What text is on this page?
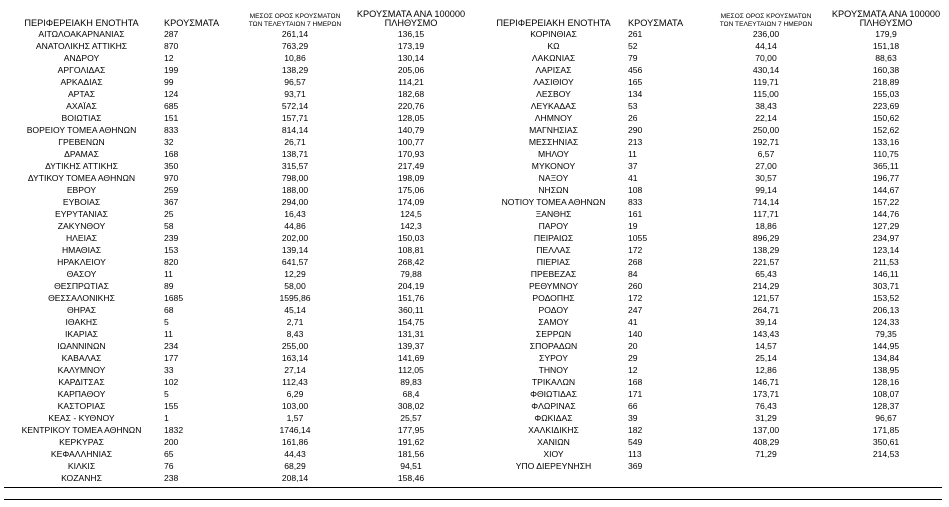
ΠΕΡΙΦΕΡΕΙΑΚΗ ΕΝΟΤΗΤΑ	ΚΡΟΥΣΜΑΤΑ	ΜΕΣΟΣ ΟΡΟΣ ΚΡΟΥΣΜΑΤΩΝ
ΤΩΝ ΤΕΛΕΥΤΑΙΩΝ 7 ΗΜΕΡΩΝ	ΚΡΟΥΣΜΑΤΑ ΑΝΑ 100000
ΠΛΗΘΥΣΜΟ
ΑΙΤΩΛΟΑΚΑΡΝΑΝΙΑΣ	287	261,14	136,15
ΑΝΑΤΟΛΙΚΗΣ ΑΤΤΙΚΗΣ	870	763,29	173,19
ΑΝΔΡΟΥ	12	10,86	130,14
ΑΡΓΟΛΙΔΑΣ	199	138,29	205,06
ΑΡΚΑΔΙΑΣ	99	96,57	114,21
ΑΡΤΑΣ	124	93,71	182,68
ΑΧΑΪΑΣ	685	572,14	220,76
ΒΟΙΩΤΙΑΣ	151	157,71	128,05
ΒΟΡΕΙΟΥ ΤΟΜΕΑ ΑΘΗΝΩΝ	833	814,14	140,79
ΓΡΕΒΕΝΩΝ	32	26,71	100,77
ΔΡΑΜΑΣ	168	138,71	170,93
ΔΥΤΙΚΗΣ ΑΤΤΙΚΗΣ	350	315,57	217,49
ΔΥΤΙΚΟΥ ΤΟΜΕΑ ΑΘΗΝΩΝ	970	798,00	198,09
ΕΒΡΟΥ	259	188,00	175,06
ΕΥΒΟΙΑΣ	367	294,00	174,09
ΕΥΡΥΤΑΝΙΑΣ	25	16,43	124,5
ΖΑΚΥΝΘΟΥ	58	44,86	142,3
ΗΛΕΙΑΣ	239	202,00	150,03
ΗΜΑΘΙΑΣ	153	139,14	108,81
ΗΡΑΚΛΕΙΟΥ	820	641,57	268,42
ΘΑΣΟΥ	11	12,29	79,88
ΘΕΣΠΡΩΤΙΑΣ	89	58,00	204,19
ΘΕΣΣΑΛΟΝΙΚΗΣ	1685	1595,86	151,76
ΘΗΡΑΣ	68	45,14	360,11
ΙΘΑΚΗΣ	5	2,71	154,75
ΙΚΑΡΙΑΣ	11	8,43	131,31
ΙΩΑΝΝΙΝΩΝ	234	255,00	139,37
ΚΑΒΑΛΑΣ	177	163,14	141,69
ΚΑΛΥΜΝΟΥ	33	27,14	112,05
ΚΑΡΔΙΤΣΑΣ	102	112,43	89,83
ΚΑΡΠΑΘΟΥ	5	6,29	68,4
ΚΑΣΤΟΡΙΑΣ	155	103,00	308,02
ΚΕΑΣ - ΚΥΘΝΟΥ	1	1,57	25,57
ΚΕΝΤΡΙΚΟΥ ΤΟΜΕΑ ΑΘΗΝΩΝ	1832	1746,14	177,95
ΚΕΡΚΥΡΑΣ	200	161,86	191,62
ΚΕΦΑΛΛΗΝΙΑΣ	65	44,43	181,56
ΚΙΛΚΙΣ	76	68,29	94,51
ΚΟΖΑΝΗΣ	238	208,14	158,46
ΠΕΡΙΦΕΡΕΙΑΚΗ ΕΝΟΤΗΤΑ	ΚΡΟΥΣΜΑΤΑ	ΜΕΣΟΣ ΟΡΟΣ ΚΡΟΥΣΜΑΤΩΝ
ΤΩΝ ΤΕΛΕΥΤΑΙΩΝ 7 ΗΜΕΡΩΝ	ΚΡΟΥΣΜΑΤΑ ΑΝΑ 100000
ΠΛΗΘΥΣΜΟ
ΚΟΡΙΝΘΙΑΣ	261	236,00	179,9
ΚΩ	52	44,14	151,18
ΛΑΚΩΝΙΑΣ	79	70,00	88,63
ΛΑΡΙΣΑΣ	456	430,14	160,38
ΛΑΣΙΘΙΟΥ	165	119,71	218,89
ΛΕΣΒΟΥ	134	115,00	155,03
ΛΕΥΚΑΔΑΣ	53	38,43	223,69
ΛΗΜΝΟΥ	26	22,14	150,62
ΜΑΓΝΗΣΙΑΣ	290	250,00	152,62
ΜΕΣΣΗΝΙΑΣ	213	192,71	133,16
ΜΗΛΟΥ	11	6,57	110,75
ΜΥΚΟΝΟΥ	37	27,00	365,11
ΝΑΞΟΥ	41	30,57	196,77
ΝΗΣΩΝ	108	99,14	144,67
ΝΟΤΙΟΥ ΤΟΜΕΑ ΑΘΗΝΩΝ	833	714,14	157,22
ΞΑΝΘΗΣ	161	117,71	144,76
ΠΑΡΟΥ	19	18,86	127,29
ΠΕΙΡΑΙΩΣ	1055	896,29	234,97
ΠΕΛΛΑΣ	172	138,29	123,14
ΠΙΕΡΙΑΣ	268	221,57	211,53
ΠΡΕΒΕΖΑΣ	84	65,43	146,11
ΡΕΘΥΜΝΟΥ	260	214,29	303,71
ΡΟΔΟΠΗΣ	172	121,57	153,52
ΡΟΔΟΥ	247	264,71	206,13
ΣΑΜΟΥ	41	39,14	124,33
ΣΕΡΡΩΝ	140	143,43	79,35
ΣΠΟΡΑΔΩΝ	20	14,57	144,95
ΣΥΡΟΥ	29	25,14	134,84
ΤΗΝΟΥ	12	12,86	138,95
ΤΡΙΚΑΛΩΝ	168	146,71	128,16
ΦΘΙΩΤΙΔΑΣ	171	173,71	108,07
ΦΛΩΡΙΝΑΣ	66	76,43	128,37
ΦΩΚΙΔΑΣ	39	31,29	96,67
ΧΑΛΚΙΔΙΚΗΣ	182	137,00	171,85
ΧΑΝΙΩΝ	549	408,29	350,61
ΧΙΟΥ	113	71,29	214,53
ΥΠΟ ΔΙΕΡΕΥΝΗΣΗ	369		
